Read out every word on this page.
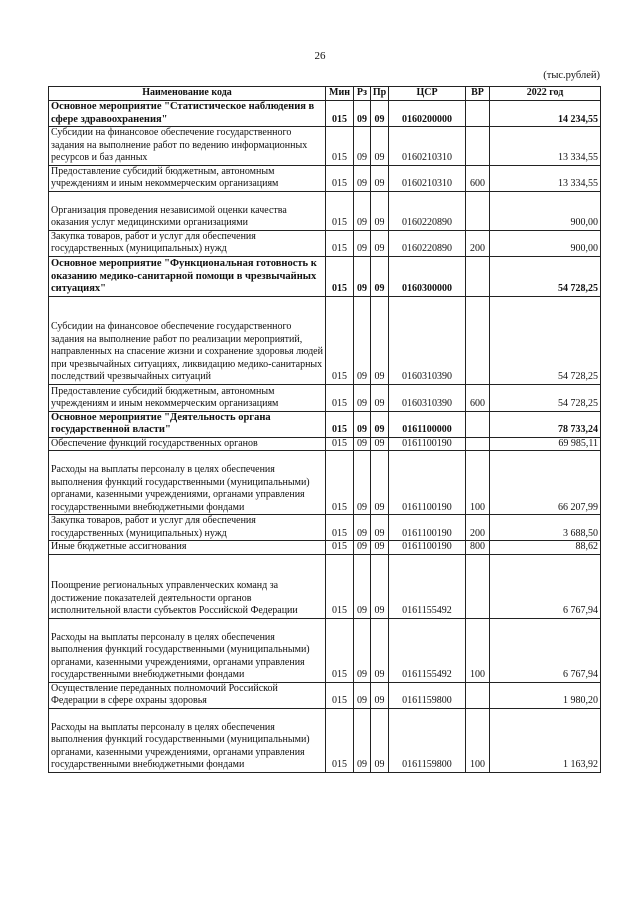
26
(тыс.рублей)
Наименование кода	Мин	Рз	Пр	ЦСР	ВР	2022 год
Основное мероприятие "Статистическое наблюдения в сфере здравоохранения"	015	09	09	0160200000		14 234,55
Субсидии на финансовое обеспечение государственного задания на выполнение работ по ведению информационных ресурсов и баз данных	015	09	09	0160210310		13 334,55
Предоставление субсидий бюджетным, автономным учреждениям и иным некоммерческим организациям	015	09	09	0160210310	600	13 334,55
Организация проведения независимой оценки качества оказания услуг медицинскими организациями	015	09	09	0160220890		900,00
Закупка товаров, работ и услуг для обеспечения государственных (муниципальных) нужд	015	09	09	0160220890	200	900,00
Основное мероприятие "Функциональная готовность к оказанию медико-санитарной помощи в чрезвычайных ситуациях"	015	09	09	0160300000		54 728,25
Субсидии на финансовое обеспечение государственного задания на выполнение работ по реализации мероприятий, направленных на спасение жизни и сохранение здоровья людей при чрезвычайных ситуациях, ликвидацию медико-санитарных последствий чрезвычайных ситуаций	015	09	09	0160310390		54 728,25
Предоставление субсидий бюджетным, автономным учреждениям и иным некоммерческим организациям	015	09	09	0160310390	600	54 728,25
Основное мероприятие "Деятельность органа государственной власти"	015	09	09	0161100000		78 733,24
Обеспечение функций государственных органов	015	09	09	0161100190		69 985,11
Расходы на выплаты персоналу в целях обеспечения выполнения функций государственными (муниципальными) органами, казенными учреждениями, органами управления государственными внебюджетными фондами	015	09	09	0161100190	100	66 207,99
Закупка товаров, работ и услуг для обеспечения государственных (муниципальных) нужд	015	09	09	0161100190	200	3 688,50
Иные бюджетные ассигнования	015	09	09	0161100190	800	88,62
Поощрение региональных управленческих команд за достижение показателей деятельности органов исполнительной власти субъектов Российской Федерации	015	09	09	0161155492		6 767,94
Расходы на выплаты персоналу в целях обеспечения выполнения функций государственными (муниципальными) органами, казенными учреждениями, органами управления государственными внебюджетными фондами	015	09	09	0161155492	100	6 767,94
Осуществление переданных полномочий Российской Федерации в сфере охраны здоровья	015	09	09	0161159800		1 980,20
Расходы на выплаты персоналу в целях обеспечения выполнения функций государственными (муниципальными) органами, казенными учреждениями, органами управления государственными внебюджетными фондами	015	09	09	0161159800	100	1 163,92
